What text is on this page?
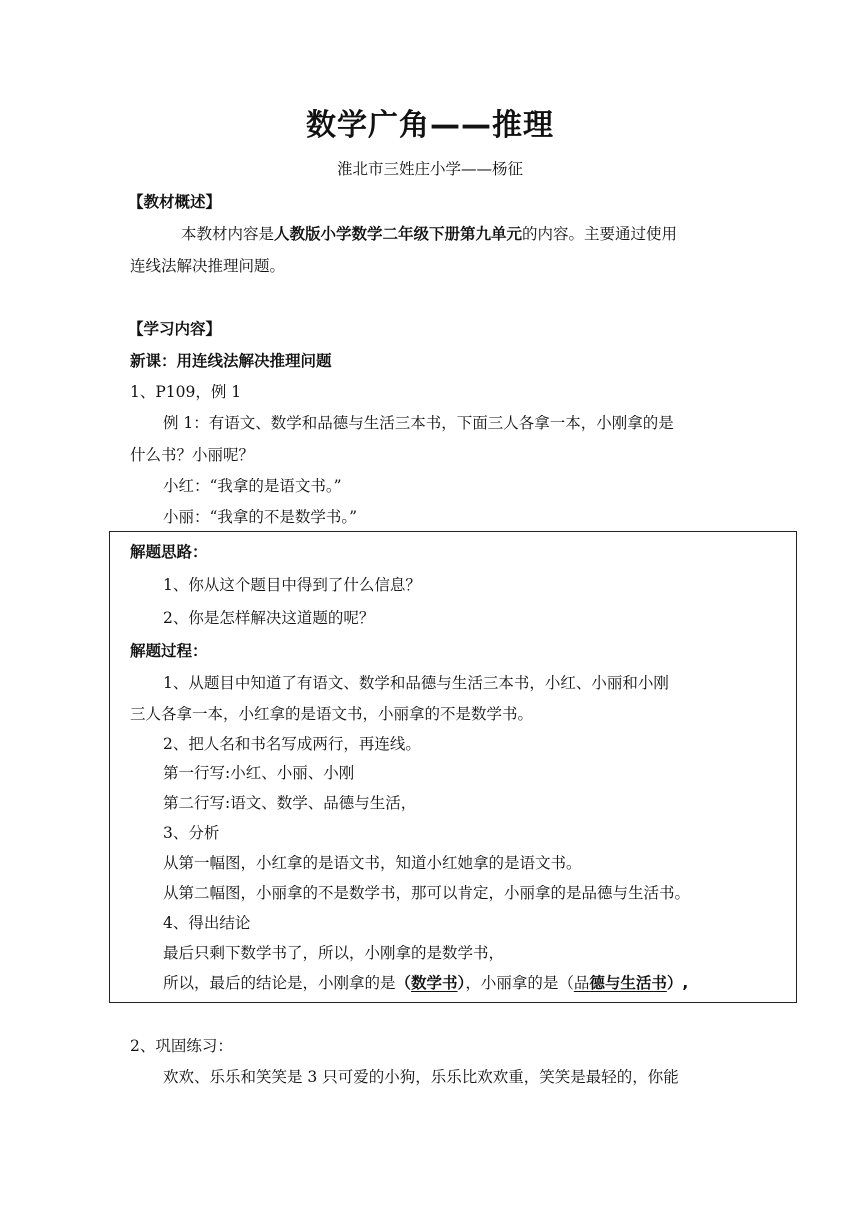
数学广角——推理
淮北市三姓庄小学——杨征
【教材概述】
本教材内容是人教版小学数学二年级下册第九单元的内容。主要通过使用
连线法解决推理问题。
【学习内容】
新课：用连线法解决推理问题
1、P109，例 1
例 1：有语文、数学和品德与生活三本书，下面三人各拿一本，小刚拿的是
什么书？小丽呢？
小红：“我拿的是语文书。”
小丽：“我拿的不是数学书。”
解题思路：
1、你从这个题目中得到了什么信息？
2、你是怎样解决这道题的呢？
解题过程：
1、从题目中知道了有语文、数学和品德与生活三本书，小红、小丽和小刚
三人各拿一本，小红拿的是语文书，小丽拿的不是数学书。
2、把人名和书名写成两行，再连线。
第一行写:小红、小丽、小刚
第二行写:语文、数学、品德与生活，
3、分析
从第一幅图，小红拿的是语文书，知道小红她拿的是语文书。
从第二幅图，小丽拿的不是数学书，那可以肯定，小丽拿的是品德与生活书。
4、得出结论
最后只剩下数学书了，所以，小刚拿的是数学书，
所以，最后的结论是，小刚拿的是（数学书），小丽拿的是（品德与生活书）,
2、巩固练习：
欢欢、乐乐和笑笑是 3 只可爱的小狗，乐乐比欢欢重，笑笑是最轻的，你能
